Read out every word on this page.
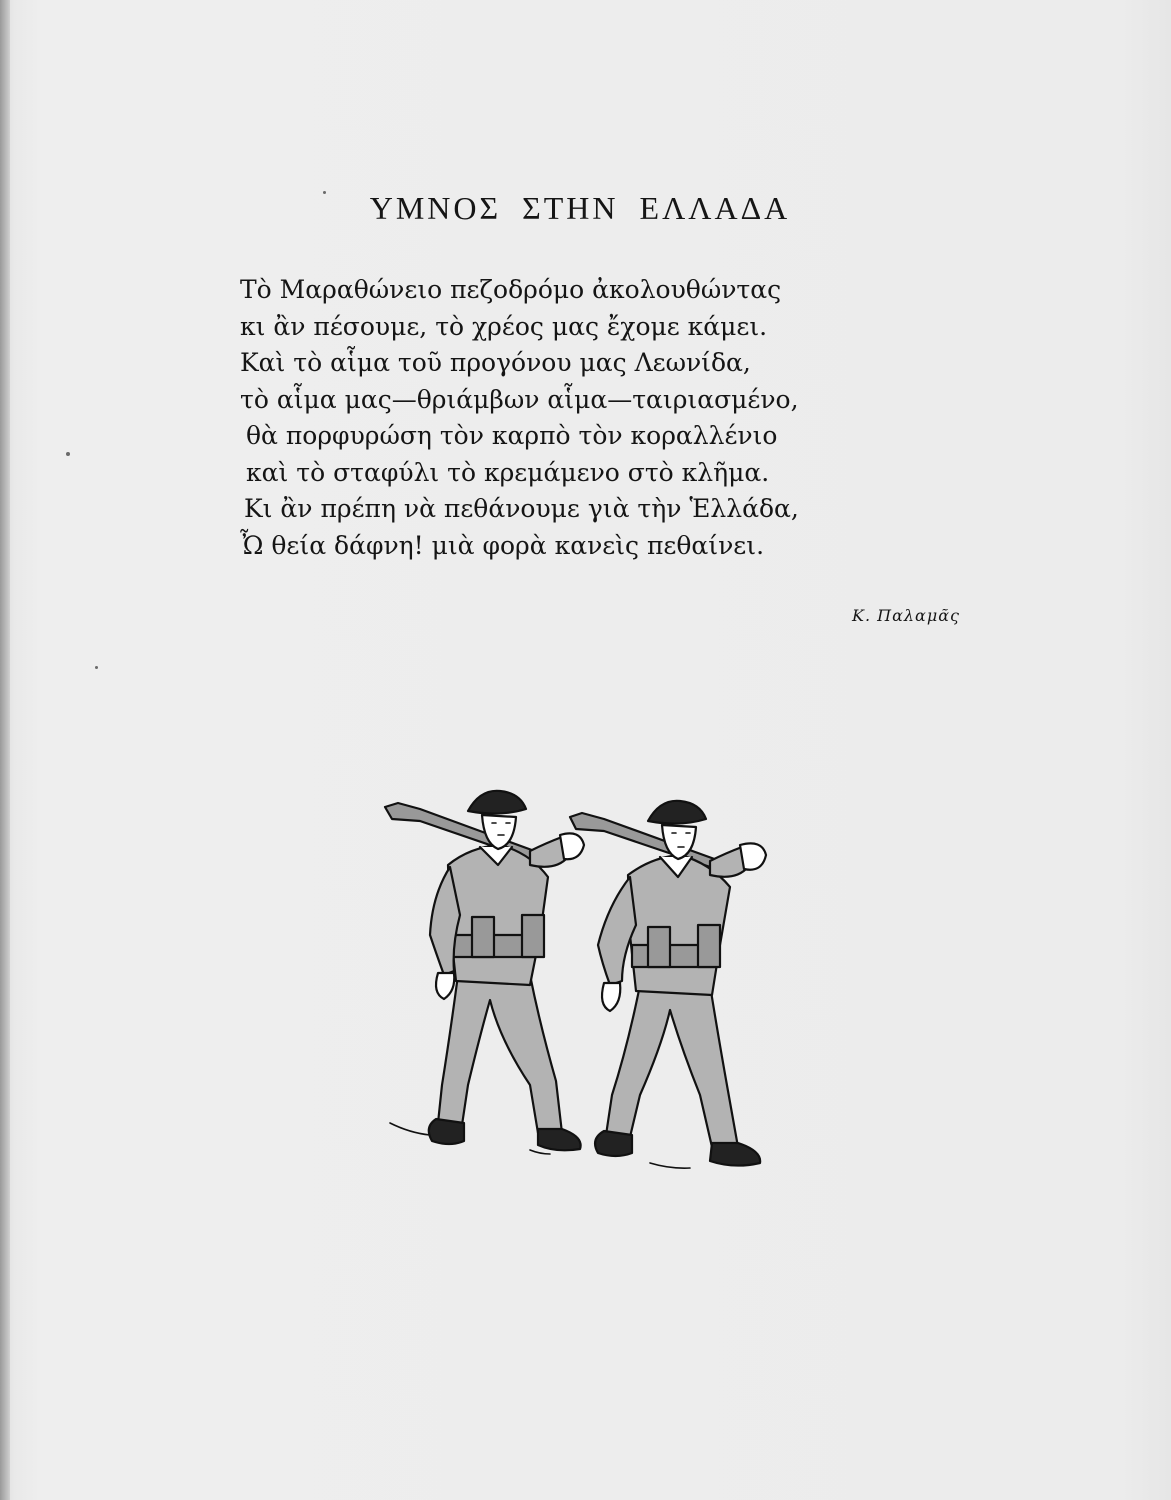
ΥΜΝΟΣ ΣΤΗΝ ΕΛΛΑΔΑ
Τὸ Μαραθώνειο πεζοδρόμο ἀκολουθώντας
κι ἂν πέσουμε, τὸ χρέος μας ἔχομε κάμει.
Καὶ τὸ αἷμα τοῦ προγόνου μας Λεωνίδα,
τὸ αἷμα μας—θριάμβων αἷμα—ταιριασμένο,
θὰ πορφυρώση τὸν καρπὸ τὸν κοραλλένιο
καὶ τὸ σταφύλι τὸ κρεμάμενο στὸ κλῆμα.
Κι ἂν πρέπη νὰ πεθάνουμε γιὰ τὴν Ἑλλάδα,
Ὦ θεία δάφνη! μιὰ φορὰ κανεὶς πεθαίνει.
Κ. Παλαμᾶς
